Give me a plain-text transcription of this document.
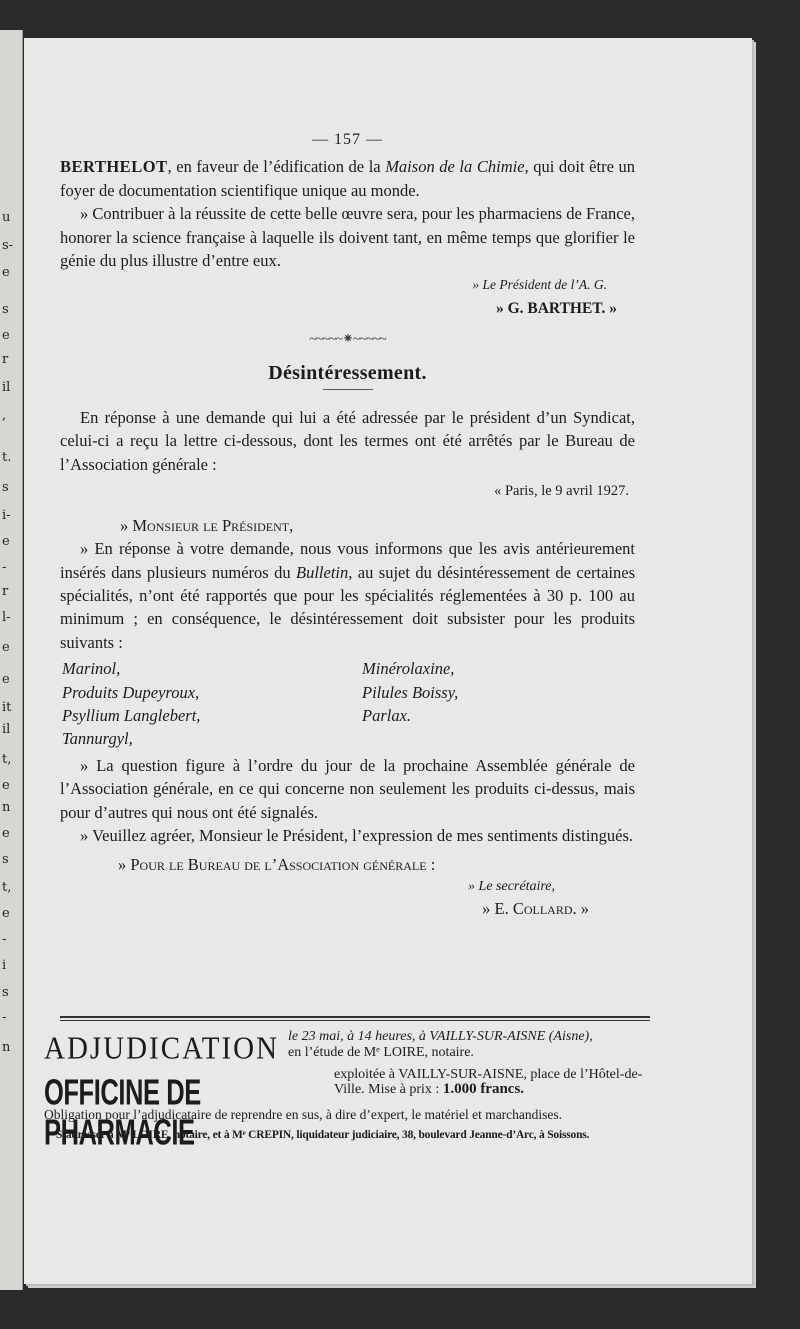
u
s-
e
s
e
r
il
,
t.
s
i-
e
-
r
l-
e
e
it
il
t,
e
n
e
s
t,
e
-
i
s
-
n

— 157 —

BERTHELOT, en faveur de l’édification de la Maison de la Chimie, qui doit être un foyer de documentation scientifique unique au monde.

» Contribuer à la réussite de cette belle œuvre sera, pour les pharmaciens de France, honorer la science française à laquelle ils doivent tant, en même temps que glorifier le génie du plus illustre d’entre eux.

» Le Président de l’A. G.

» G. BARTHET. »

~~~~~⁕~~~~~
Désintéressement.

En réponse à une demande qui lui a été adressée par le président d’un Syndicat, celui-ci a reçu la lettre ci-dessous, dont les termes ont été arrêtés par le Bureau de l’Association générale :

« Paris, le 9 avril 1927.

» Monsieur le Président,

» En réponse à votre demande, nous vous informons que les avis antérieurement insérés dans plusieurs numéros du Bulletin, au sujet du désintéressement de certaines spécialités, n’ont été rapportés que pour les spécialités réglementées à 30 p. 100 au minimum ; en conséquence, le désintéressement doit subsister pour les produits suivants :

Marinol,
Produits Dupeyroux,
Psyllium Langlebert,
Tannurgyl,
Minérolaxine,
Pilules Boissy,
Parlax.

» La question figure à l’ordre du jour de la prochaine Assemblée générale de l’Association générale, en ce qui concerne non seulement les produits ci-dessus, mais pour d’autres qui nous ont été signalés.

» Veuillez agréer, Monsieur le Président, l’expression de mes sentiments distingués.

» Pour le Bureau de l’Association générale :

» Le secrétaire,

» E. Collard. »

ADJUDICATION
OFFICINE DE PHARMACIE
le 23 mai, à 14 heures, à VAILLY-SUR-AISNE (Aisne),
en l’étude de Mᵉ LOIRE, notaire.
exploitée à VAILLY-SUR-AISNE, place de l’Hôtel-de-Ville. Mise à prix : 1.000 francs.
Obligation pour l’adjudicataire de reprendre en sus, à dire d’expert, le matériel et marchandises.
S’adresser à Mᵉ LOIRE, notaire, et à Mᵉ CREPIN, liquidateur judiciaire, 38, boulevard Jeanne-d’Arc, à Soissons.
